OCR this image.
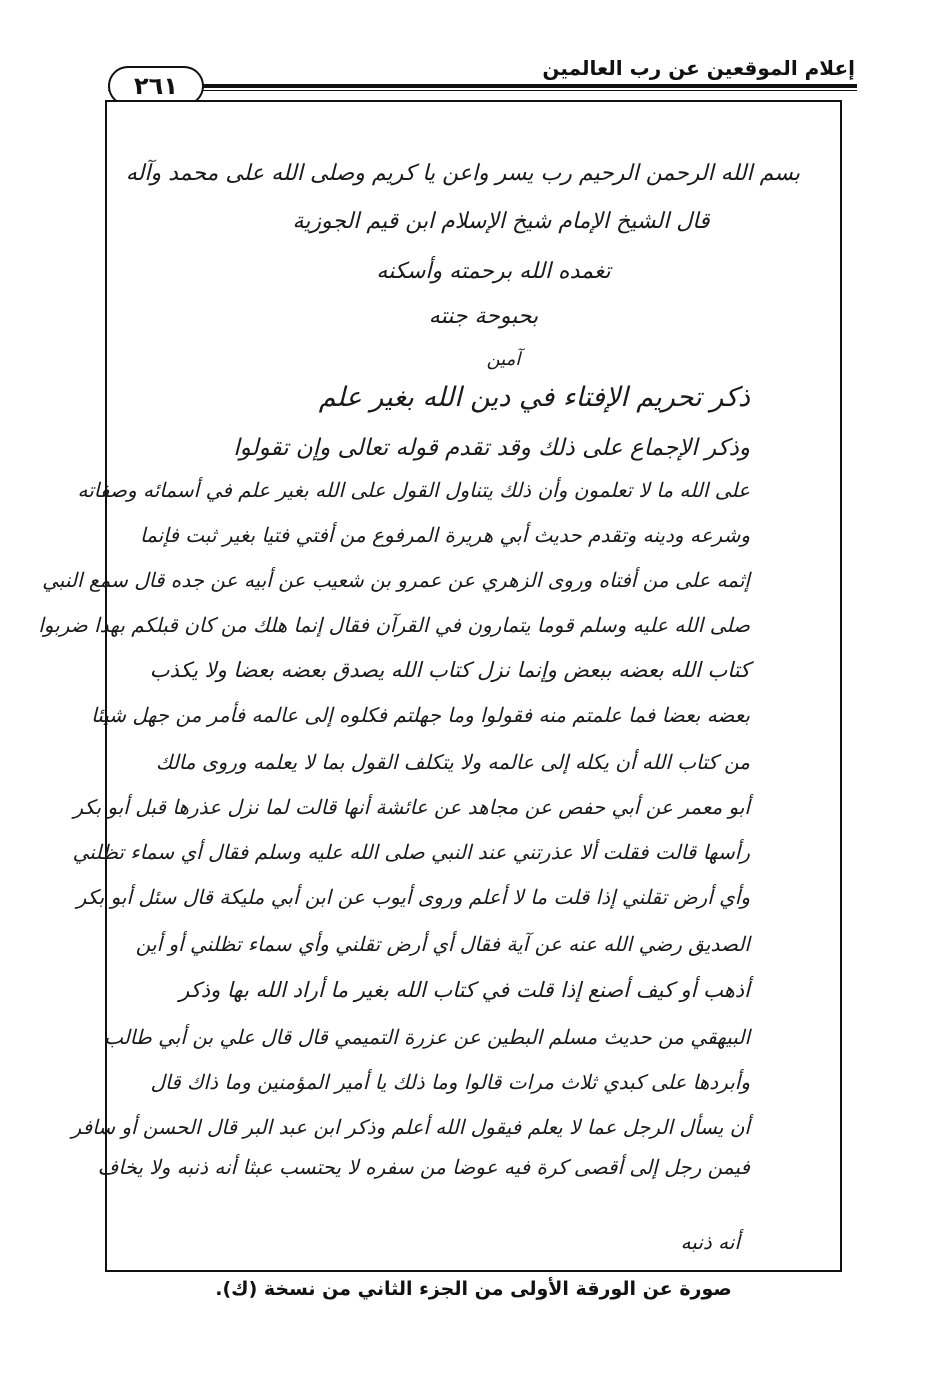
إعلام الموقعين عن رب العالمين
٢٦١
بسم الله الرحمن الرحيم رب يسر واعن يا كريم وصلى الله على محمد وآله
قال الشيخ الإمام شيخ الإسلام ابن قيم الجوزية
تغمده الله برحمته وأسكنه
بحبوحة جنته
آمين
ذكر تحريم الإفتاء في دين الله بغير علم
وذكر الإجماع على ذلك وقد تقدم قوله تعالى وإن تقولوا
على الله ما لا تعلمون وأن ذلك يتناول القول على الله بغير علم في أسمائه وصفاته
وشرعه ودينه وتقدم حديث أبي هريرة المرفوع من أفتي فتيا بغير ثبت فإنما
إثمه على من أفتاه وروى الزهري عن عمرو بن شعيب عن أبيه عن جده قال سمع النبي
صلى الله عليه وسلم قوما يتمارون في القرآن فقال إنما هلك من كان قبلكم بهذا ضربوا
كتاب الله بعضه ببعض وإنما نزل كتاب الله يصدق بعضه بعضا ولا يكذب
بعضه بعضا فما علمتم منه فقولوا وما جهلتم فكلوه إلى عالمه فأمر من جهل شيئا
من كتاب الله أن يكله إلى عالمه ولا يتكلف القول بما لا يعلمه وروى مالك
أبو معمر عن أبي حفص عن مجاهد عن عائشة أنها قالت لما نزل عذرها قبل أبو بكر
رأسها قالت فقلت ألا عذرتني عند النبي صلى الله عليه وسلم فقال أي سماء تظلني
وأي أرض تقلني إذا قلت ما لا أعلم وروى أيوب عن ابن أبي مليكة قال سئل أبو بكر
الصديق رضي الله عنه عن آية فقال أي أرض تقلني وأي سماء تظلني أو أين
أذهب أو كيف أصنع إذا قلت في كتاب الله بغير ما أراد الله بها وذكر
البيهقي من حديث مسلم البطين عن عزرة التميمي قال قال علي بن أبي طالب
وأبردها على كبدي ثلاث مرات قالوا وما ذلك يا أمير المؤمنين وما ذاك قال
أن يسأل الرجل عما لا يعلم فيقول الله أعلم وذكر ابن عبد البر قال الحسن أو سافر
فيمن رجل إلى أقصى كرة فيه عوضا من سفره لا يحتسب عبثا أنه ذنبه ولا يخاف
أنه ذنبه
صورة عن الورقة الأولى من الجزء الثاني من نسخة (ك).
